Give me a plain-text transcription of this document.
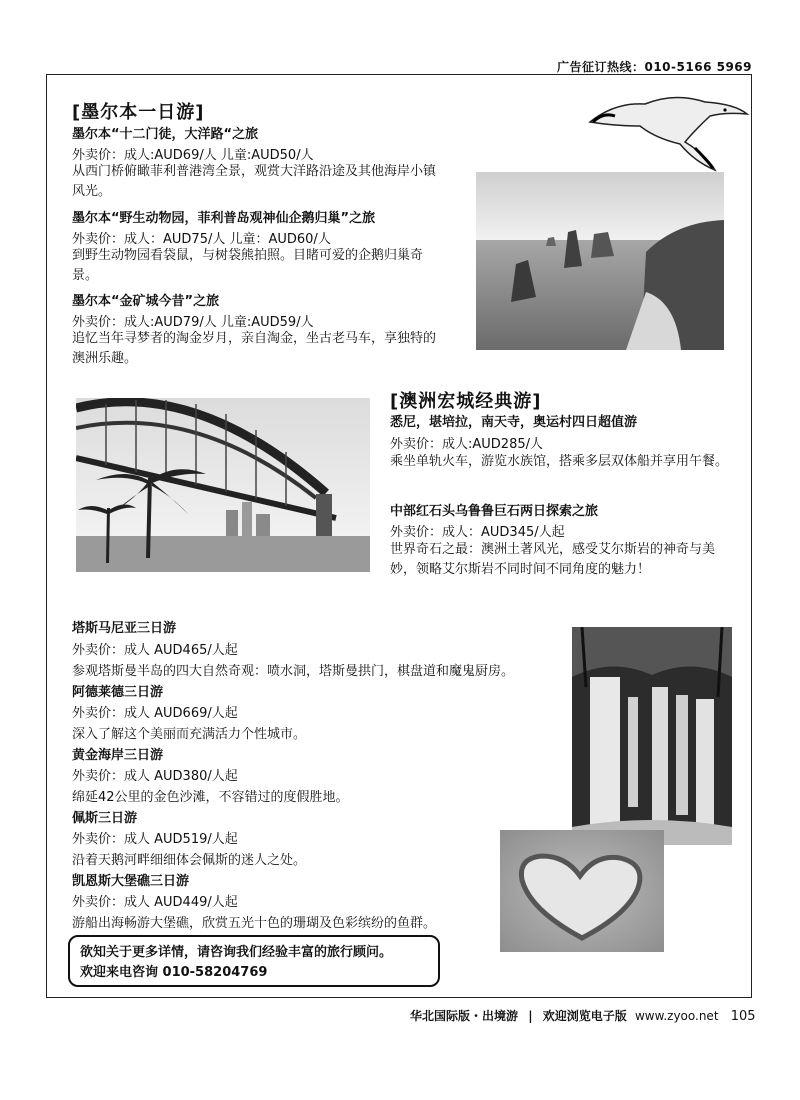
广告征订热线：010-5166 5969
[墨尔本一日游]
墨尔本“十二门徒，大洋路“之旅
外卖价：成人:AUD69/人 儿童:AUD50/人
从西门桥俯瞰菲利普港湾全景，观赏大洋路沿途及其他海岸小镇风光。
墨尔本“野生动物园，菲利普岛观神仙企鹅归巢”之旅
外卖价：成人：AUD75/人 儿童：AUD60/人
到野生动物园看袋鼠，与树袋熊拍照。目睹可爱的企鹅归巢奇景。
墨尔本“金矿城今昔”之旅
外卖价：成人:AUD79/人 儿童:AUD59/人
追忆当年寻梦者的淘金岁月，亲自淘金，坐古老马车，享独特的澳洲乐趣。
[澳洲宏城经典游]
悉尼，堪培拉，南天寺，奥运村四日超值游
外卖价：成人:AUD285/人
乘坐单轨火车，游览水族馆，搭乘多层双体船并享用午餐。
中部红石头乌鲁鲁巨石两日探索之旅
外卖价：成人：AUD345/人起
世界奇石之最：澳洲土著风光，感受艾尔斯岩的神奇与美妙，领略艾尔斯岩不同时间不同角度的魅力！
塔斯马尼亚三日游
外卖价：成人 AUD465/人起
参观塔斯曼半岛的四大自然奇观：喷水洞，塔斯曼拱门，棋盘道和魔鬼厨房。
阿德莱德三日游
外卖价：成人 AUD669/人起
深入了解这个美丽而充满活力个性城市。
黄金海岸三日游
外卖价：成人 AUD380/人起
绵延42公里的金色沙滩，不容错过的度假胜地。
佩斯三日游
外卖价：成人 AUD519/人起
沿着天鹅河畔细细体会佩斯的迷人之处。
凯恩斯大堡礁三日游
外卖价：成人 AUD449/人起
游船出海畅游大堡礁，欣赏五光十色的珊瑚及色彩缤纷的鱼群。
欲知关于更多详情，请咨询我们经验丰富的旅行顾问。
欢迎来电咨询 010-58204769
华北国际版・出境游 | 欢迎浏览电子版 www.zyoo.net 105
